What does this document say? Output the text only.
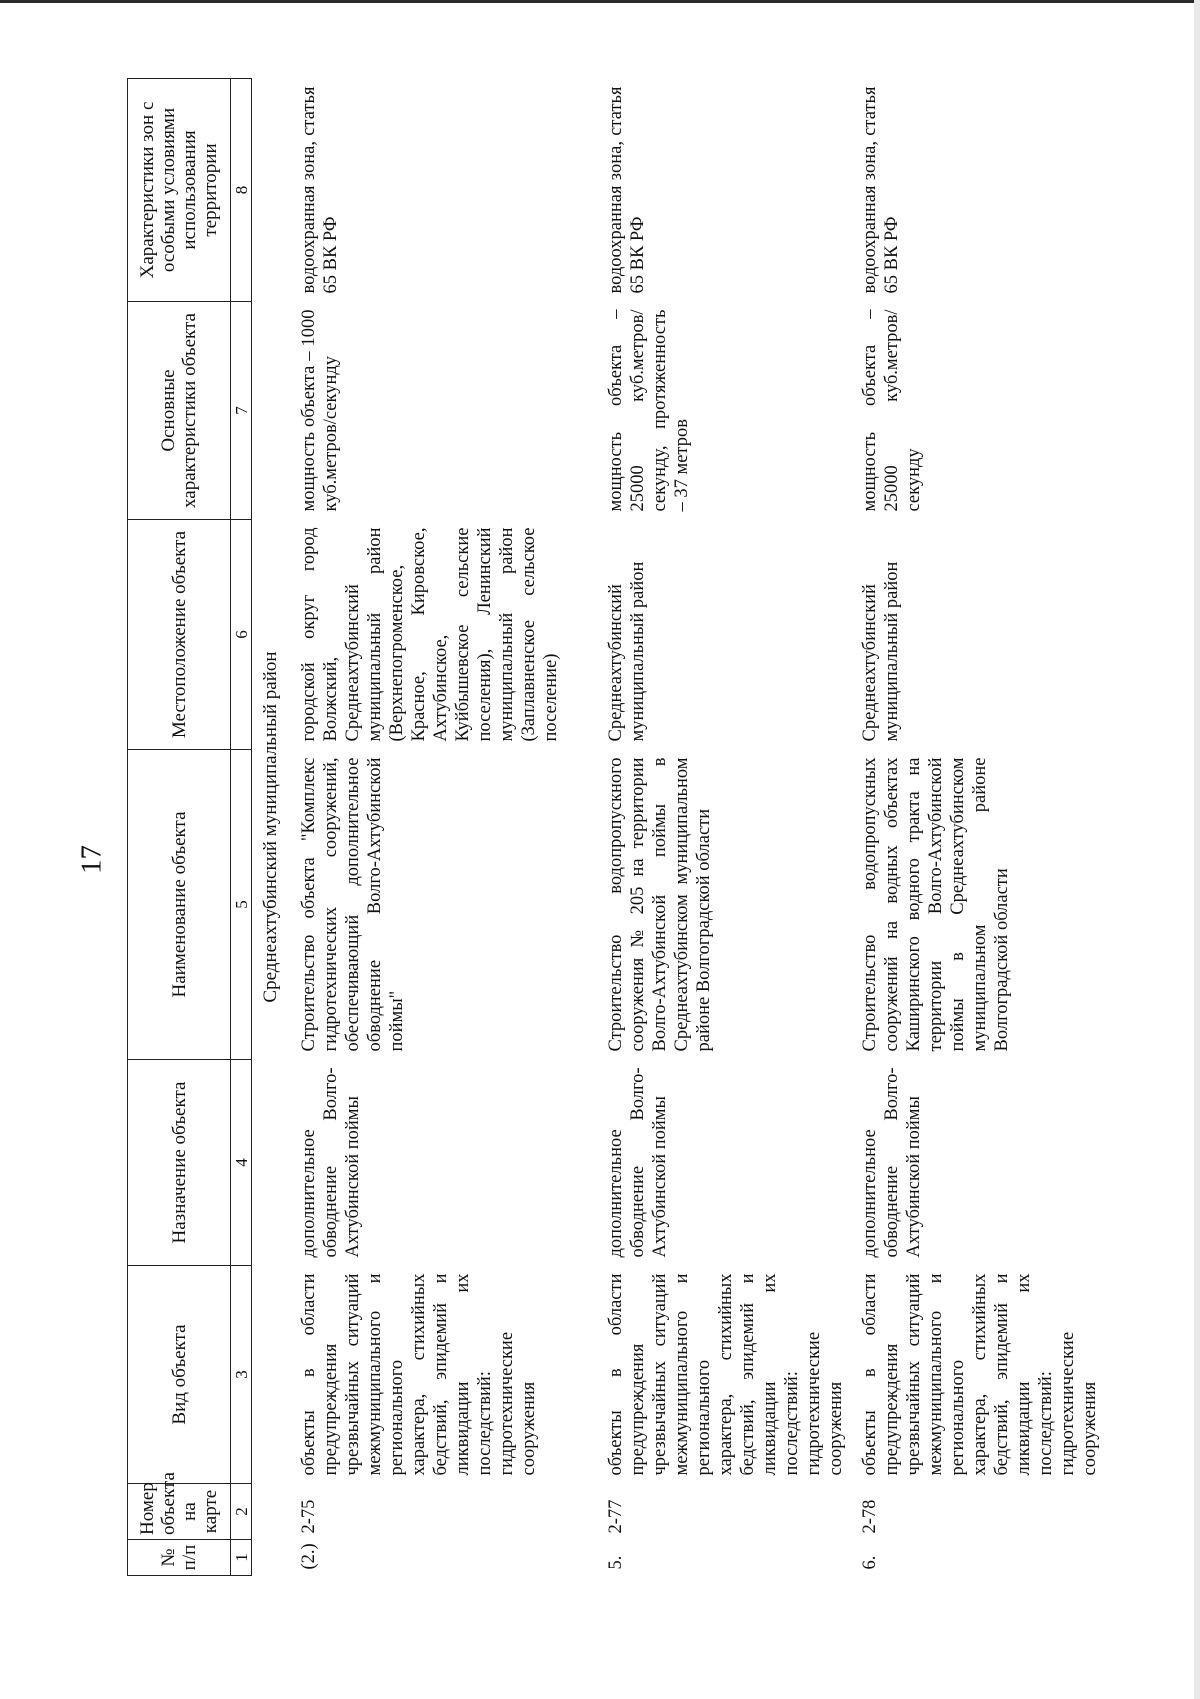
17
№ п/п	Номер объекта на карте	Вид объекта	Назначение объекта	Наименование объекта	Местоположение объекта	Основные характеристики объекта	Характеристики зон с особыми условиями использования территории
1	2	3	4	5	6	7	8
Среднеахтубинский муниципальный район							
(2.)	2-75	объекты в области предупреждения чрезвычайных ситуаций межмуниципального и регионального характера, стихийных бедствий, эпидемий и ликвидации их последствий: гидротехнические сооружения	дополнительное обводнение Волго-Ахтубинской поймы	Строительство объекта "Комплекс гидротехнических сооружений, обеспечивающий дополнительное обводнение Волго-Ахтубинской поймы"	городской округ город Волжский, Среднеахтубинский муниципальный район (Верхнепогроменское, Красное, Кировское, Ахтубинское, Куйбышевское сельские поселения), Ленинский муниципальный район (Заплавненское сельское поселение)	мощность объекта – 1000 куб.метров/секунду	водоохранная зона, статья 65 ВК РФ
5.	2-77	объекты в области предупреждения чрезвычайных ситуаций межмуниципального и регионального характера, стихийных бедствий, эпидемий и ликвидации их последствий: гидротехнические сооружения	дополнительное обводнение Волго-Ахтубинской поймы	Строительство водопропускного сооружения № 205 на территории Волго-Ахтубинской поймы в Среднеахтубинском муниципальном районе Волгоградской области	Среднеахтубинский муниципальный район	мощность объекта – 25000 куб.метров/секунду, протяженность – 37 метров	водоохранная зона, статья 65 ВК РФ
6.	2-78	объекты в области предупреждения чрезвычайных ситуаций межмуниципального и регионального характера, стихийных бедствий, эпидемий и ликвидации их последствий: гидротехнические сооружения	дополнительное обводнение Волго-Ахтубинской поймы	Строительство водопропускных сооружений на водных объектах Каширинского водного тракта на территории Волго-Ахтубинской поймы в Среднеахтубинском муниципальном районе Волгоградской области	Среднеахтубинский муниципальный район	мощность объекта – 25000 куб.метров/секунду	водоохранная зона, статья 65 ВК РФ
